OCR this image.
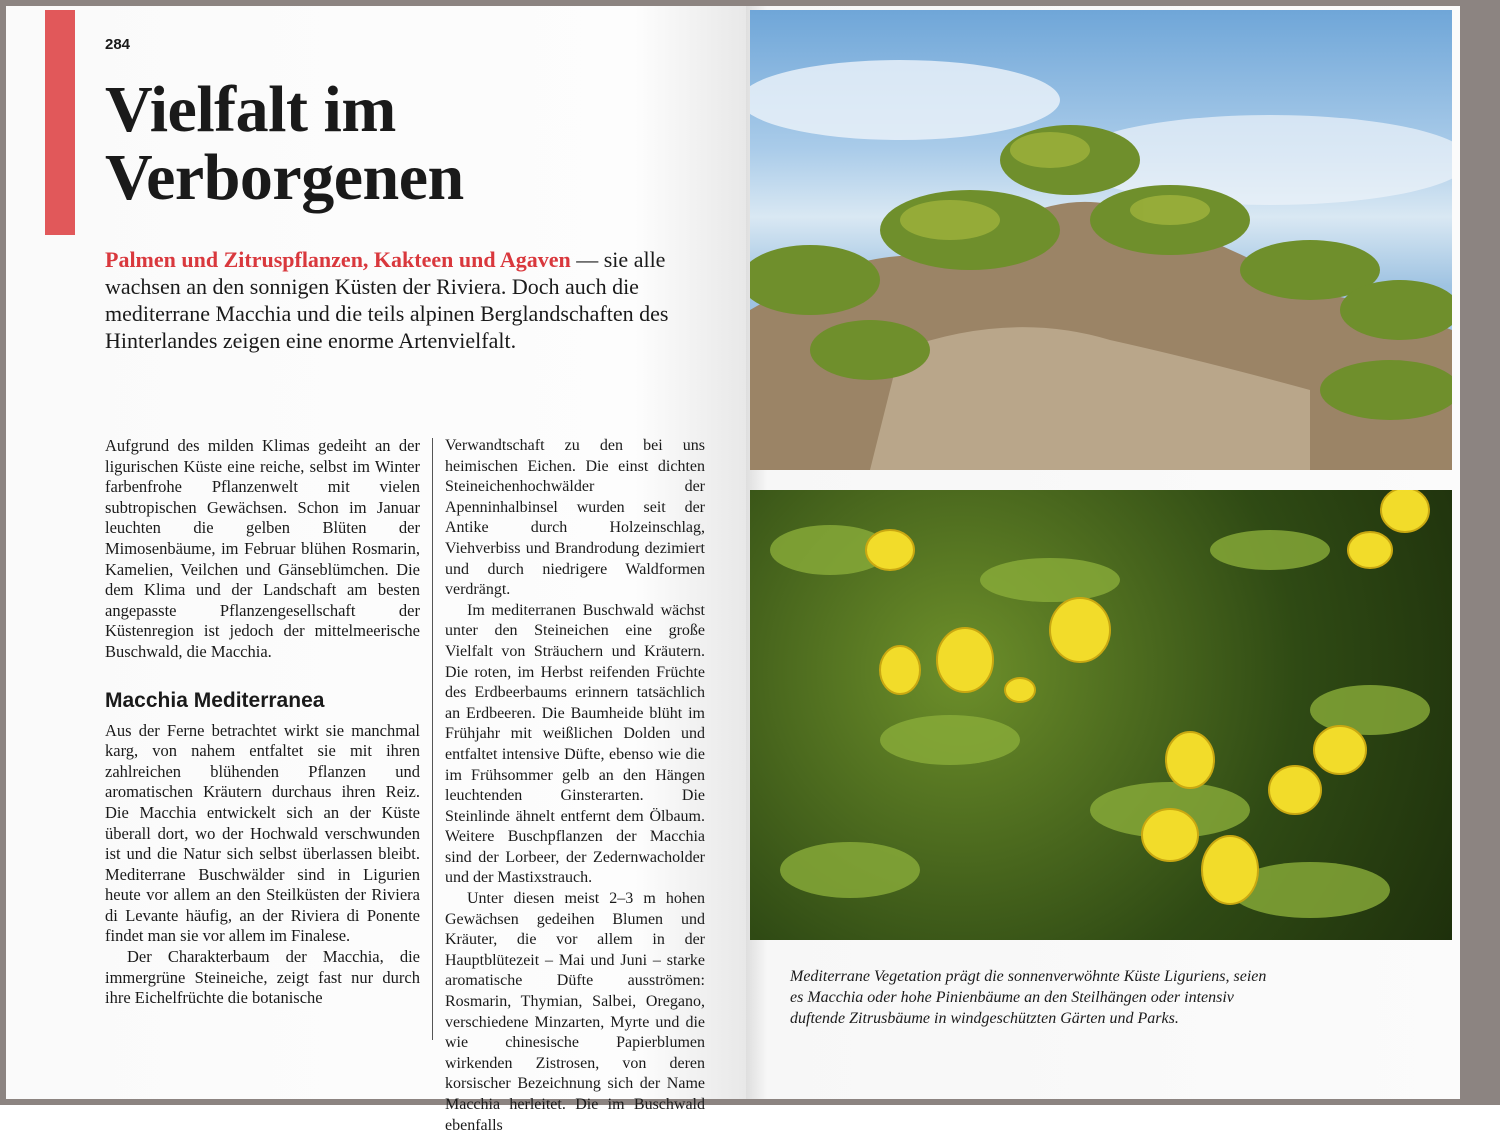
284
Vielfalt im
Verborgenen
Palmen und Zitruspflanzen, Kakteen und Agaven — sie alle wachsen an den sonnigen Küsten der Riviera. Doch auch die mediterrane Macchia und die teils alpinen Berglandschaften des Hinterlandes zeigen eine enorme Artenvielfalt.

Aufgrund des milden Klimas gedeiht an der ligurischen Küste eine reiche, selbst im Winter farbenfrohe Pflanzenwelt mit vielen subtropischen Gewächsen. Schon im Januar leuchten die gelben Blüten der Mimosenbäume, im Februar blühen Rosmarin, Kamelien, Veilchen und Gänseblümchen. Die dem Klima und der Landschaft am besten angepasste Pflanzengesellschaft der Küstenregion ist jedoch der mittelmeerische Buschwald, die Macchia.

Macchia Mediterranea

Aus der Ferne betrachtet wirkt sie manchmal karg, von nahem entfaltet sie mit ihren zahlreichen blühenden Pflanzen und aromatischen Kräutern durchaus ihren Reiz. Die Macchia entwickelt sich an der Küste überall dort, wo der Hochwald verschwunden ist und die Natur sich selbst überlassen bleibt. Mediterrane Buschwälder sind in Ligurien heute vor allem an den Steilküsten der Riviera di Levante häufig, an der Riviera di Ponente findet man sie vor allem im Finalese.

Der Charakterbaum der Macchia, die immergrüne Steineiche, zeigt fast nur durch ihre Eichelfrüchte die botanische

Verwandtschaft zu den bei uns heimischen Eichen. Die einst dichten Steineichenhochwälder der Apenninhalbinsel wurden seit der Antike durch Holzeinschlag, Viehverbiss und Brandrodung dezimiert und durch niedrigere Waldformen verdrängt.

Im mediterranen Buschwald wächst unter den Steineichen eine große Vielfalt von Sträuchern und Kräutern. Die roten, im Herbst reifenden Früchte des Erdbeerbaums erinnern tatsächlich an Erdbeeren. Die Baumheide blüht im Frühjahr mit weißlichen Dolden und entfaltet intensive Düfte, ebenso wie die im Frühsommer gelb an den Hängen leuchtenden Ginsterarten. Die Steinlinde ähnelt entfernt dem Ölbaum. Weitere Buschpflanzen der Macchia sind der Lorbeer, der Zedernwacholder und der Mastixstrauch.

Unter diesen meist 2–3 m hohen Gewächsen gedeihen Blumen und Kräuter, die vor allem in der Hauptblütezeit – Mai und Juni – starke aromatische Düfte ausströmen: Rosmarin, Thymian, Salbei, Oregano, verschiedene Minzarten, Myrte und die wie chinesische Papierblumen wirkenden Zistrosen, von deren korsischer Bezeichnung sich der Name Macchia herleitet. Die im Buschwald ebenfalls

Mediterrane Vegetation prägt die sonnenverwöhnte Küste Liguriens, seien es Macchia oder hohe Pinienbäume an den Steilhängen oder intensiv duftende Zitrusbäume in windgeschützten Gärten und Parks.
